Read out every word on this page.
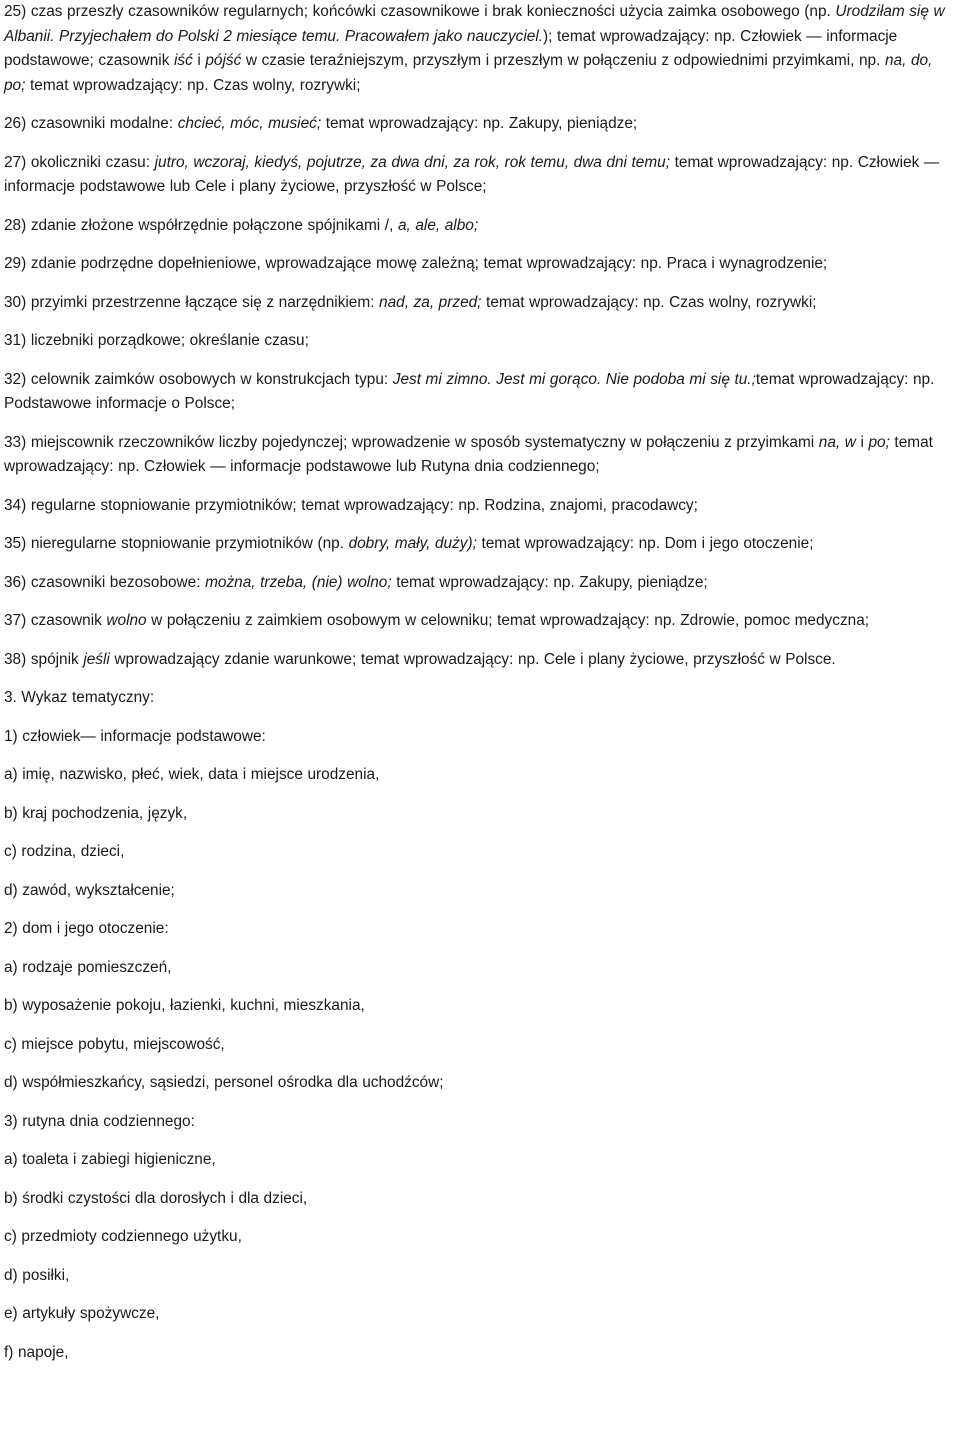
25) czas przeszły czasowników regularnych; końcówki czasownikowe i brak konieczności użycia zaimka osobowego (np. Urodziłam się w Albanii. Przyjechałem do Polski 2 miesiące temu. Pracowałem jako nauczyciel.); temat wprowadzający: np. Człowiek — informacje podstawowe; czasownik iść i pójść w czasie teraźniejszym, przyszłym i przeszłym w połączeniu z odpowiednimi przyimkami, np. na, do, po; temat wprowadzający: np. Czas wolny, rozrywki;

26) czasowniki modalne: chcieć, móc, musieć; temat wprowadzający: np. Zakupy, pieniądze;

27) okoliczniki czasu: jutro, wczoraj, kiedyś, pojutrze, za dwa dni, za rok, rok temu, dwa dni temu; temat wprowadzający: np. Człowiek — informacje podstawowe lub Cele i plany życiowe, przyszłość w Polsce;

28) zdanie złożone współrzędnie połączone spójnikami /, a, ale, albo;

29) zdanie podrzędne dopełnieniowe, wprowadzające mowę zależną; temat wprowadzający: np. Praca i wynagrodzenie;

30) przyimki przestrzenne łączące się z narzędnikiem: nad, za, przed; temat wprowadzający: np. Czas wolny, rozrywki;

31) liczebniki porządkowe; określanie czasu;

32) celownik zaimków osobowych w konstrukcjach typu: Jest mi zimno. Jest mi gorąco. Nie podoba mi się tu.;temat wprowadzający: np. Podstawowe informacje o Polsce;

33) miejscownik rzeczowników liczby pojedynczej; wprowadzenie w sposób systematyczny w połączeniu z przyimkami na, w i po; temat wprowadzający: np. Człowiek — informacje podstawowe lub Rutyna dnia codziennego;

34) regularne stopniowanie przymiotników; temat wprowadzający: np. Rodzina, znajomi, pracodawcy;

35) nieregularne stopniowanie przymiotników (np. dobry, mały, duży); temat wprowadzający: np. Dom i jego otoczenie;

36) czasowniki bezosobowe: można, trzeba, (nie) wolno; temat wprowadzający: np. Zakupy, pieniądze;

37) czasownik wolno w połączeniu z zaimkiem osobowym w celowniku; temat wprowadzający: np. Zdrowie, pomoc medyczna;

38) spójnik jeśli wprowadzający zdanie warunkowe; temat wprowadzający: np. Cele i plany życiowe, przyszłość w Polsce.

3. Wykaz tematyczny:

1) człowiek— informacje podstawowe:

a) imię, nazwisko, płeć, wiek, data i miejsce urodzenia,

b) kraj pochodzenia, język,

c) rodzina, dzieci,

d) zawód, wykształcenie;

2) dom i jego otoczenie:

a) rodzaje pomieszczeń,

b) wyposażenie pokoju, łazienki, kuchni, mieszkania,

c) miejsce pobytu, miejscowość,

d) współmieszkańcy, sąsiedzi, personel ośrodka dla uchodźców;

3) rutyna dnia codziennego:

a) toaleta i zabiegi higieniczne,

b) środki czystości dla dorosłych i dla dzieci,

c) przedmioty codziennego użytku,

d) posiłki,

e) artykuły spożywcze,

f) napoje,
